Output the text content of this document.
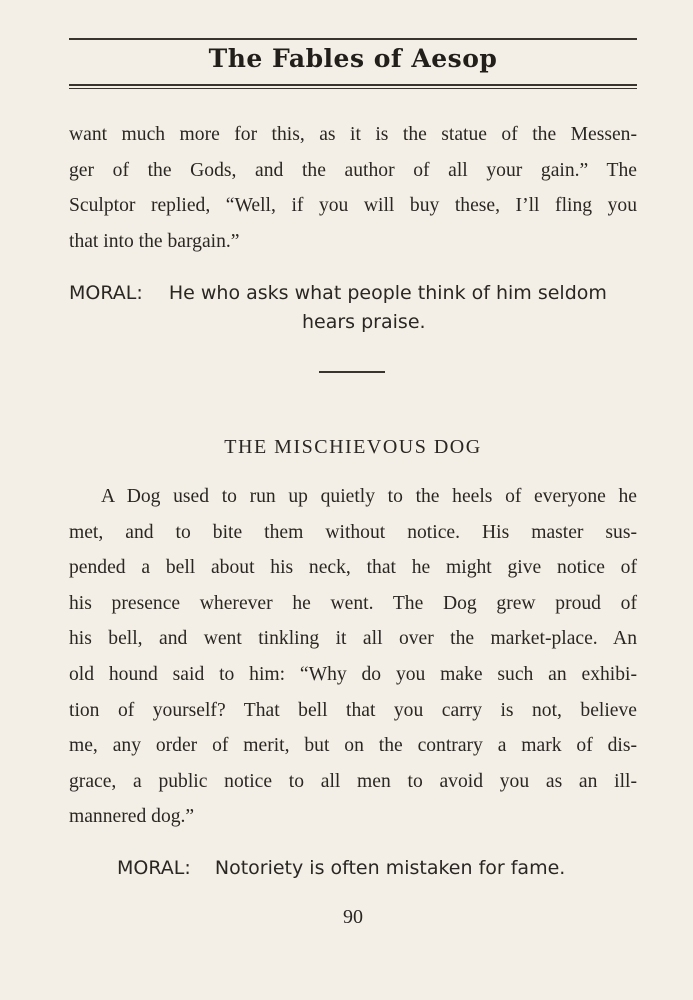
The Fables of Aesop
want much more for this, as it is the statue of the Messen-
ger of the Gods, and the author of all your gain.” The
Sculptor replied, “Well, if you will buy these, I’ll fling you
that into the bargain.”
MORAL: He who asks what people think of him seldom
hears praise.
THE MISCHIEVOUS DOG
A Dog used to run up quietly to the heels of everyone he
met, and to bite them without notice. His master sus-
pended a bell about his neck, that he might give notice of
his presence wherever he went. The Dog grew proud of
his bell, and went tinkling it all over the market-place. An
old hound said to him: “Why do you make such an exhibi-
tion of yourself? That bell that you carry is not, believe
me, any order of merit, but on the contrary a mark of dis-
grace, a public notice to all men to avoid you as an ill-
mannered dog.”
MORAL: Notoriety is often mistaken for fame.
90
